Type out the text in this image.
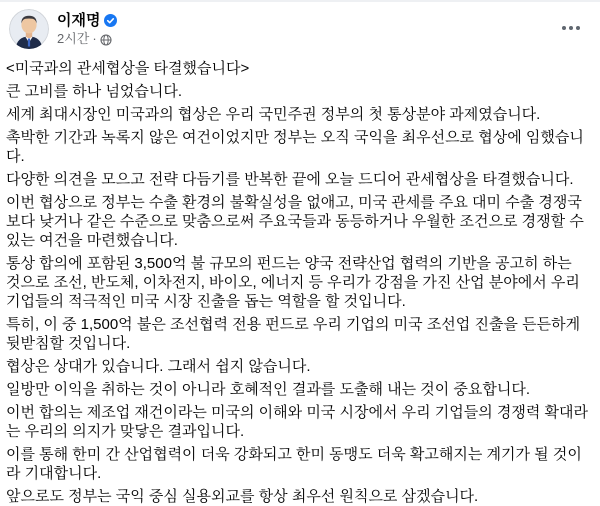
이재명
2시간 ·
<미국과의 관세협상을 타결했습니다>
큰 고비를 하나 넘었습니다.
세계 최대시장인 미국과의 협상은 우리 국민주권 정부의 첫 통상분야 과제였습니다.
촉박한 기간과 녹록지 않은 여건이었지만 정부는 오직 국익을 최우선으로 협상에 임했습니다.
다양한 의견을 모으고 전략 다듬기를 반복한 끝에 오늘 드디어 관세협상을 타결했습니다.
이번 협상으로 정부는 수출 환경의 불확실성을 없애고, 미국 관세를 주요 대미 수출 경쟁국보다 낮거나 같은 수준으로 맞춤으로써 주요국들과 동등하거나 우월한 조건으로 경쟁할 수 있는 여건을 마련했습니다.
통상 합의에 포함된 3,500억 불 규모의 펀드는 양국 전략산업 협력의 기반을 공고히 하는 것으로 조선, 반도체, 이차전지, 바이오, 에너지 등 우리가 강점을 가진 산업 분야에서 우리 기업들의 적극적인 미국 시장 진출을 돕는 역할을 할 것입니다.
특히, 이 중 1,500억 불은 조선협력 전용 펀드로 우리 기업의 미국 조선업 진출을 든든하게 뒷받침할 것입니다.
협상은 상대가 있습니다. 그래서 쉽지 않습니다.
일방만 이익을 취하는 것이 아니라 호혜적인 결과를 도출해 내는 것이 중요합니다.
이번 합의는 제조업 재건이라는 미국의 이해와 미국 시장에서 우리 기업들의 경쟁력 확대라는 우리의 의지가 맞닿은 결과입니다.
이를 통해 한미 간 산업협력이 더욱 강화되고 한미 동맹도 더욱 확고해지는 계기가 될 것이라 기대합니다.
앞으로도 정부는 국익 중심 실용외교를 항상 최우선 원칙으로 삼겠습니다.
